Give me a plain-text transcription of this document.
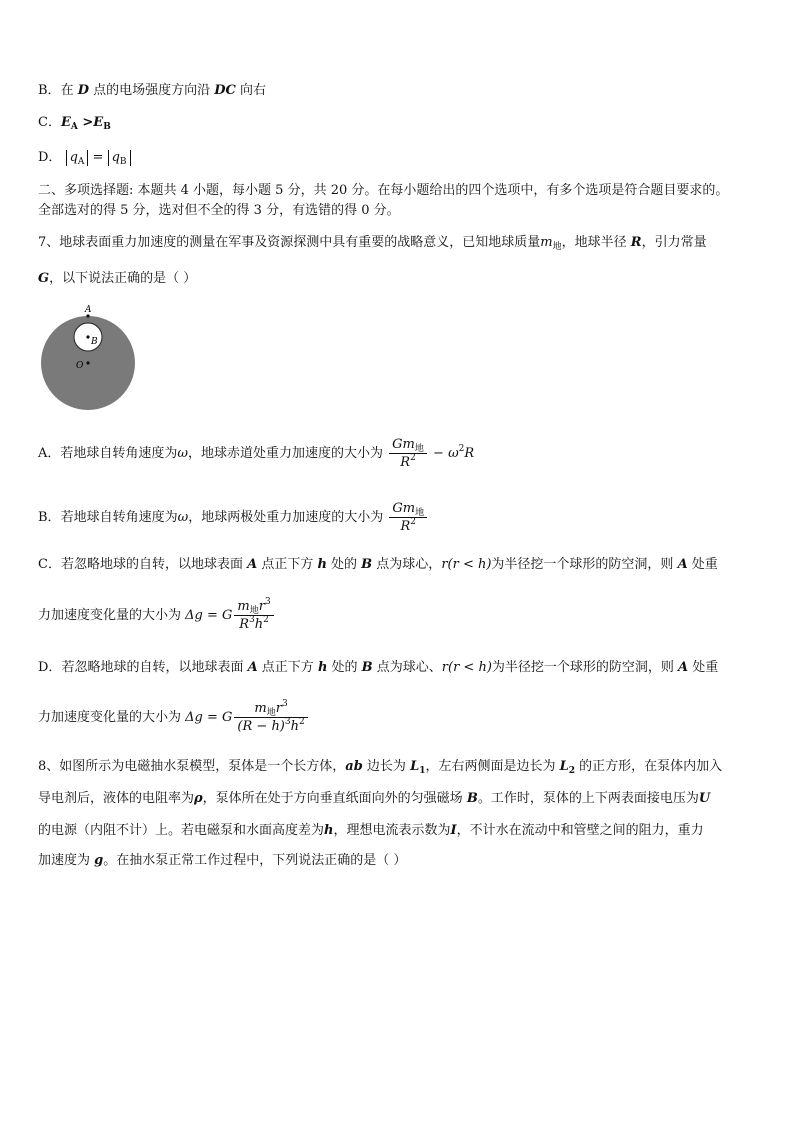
B．在 D 点的电场强度方向沿 DC 向右
C．$E_A >E_B$
D． $q_A = q_B$
二、多项选择题: 本题共 4 小题，每小题 5 分，共 20 分。在每小题给出的四个选项中，有多个选项是符合题目要求的。
全部选对的得 5 分，选对但不全的得 3 分，有选错的得 0 分。
7、地球表面重力加速度的测量在军事及资源探测中具有重要的战略意义，已知地球质量$m_地$，地球半径 R，引力常量
G，以下说法正确的是（ ）
A
B
O
A．若地球自转角速度为ω，地球赤道处重力加速度的大小为 $\frac{Gm_地}{R^2} - \omega^2R$
B．若地球自转角速度为ω，地球两极处重力加速度的大小为 $\frac{Gm_地}{R^2}$
C．若忽略地球的自转，以地球表面 A 点正下方 h 处的 B 点为球心，r(r < h)为半径挖一个球形的防空洞，则 A 处重
力加速度变化量的大小为 Δg = G $\frac{m_地r^3}{R^3h^2}$
D．若忽略地球的自转，以地球表面 A 点正下方 h 处的 B 点为球心、r(r < h)为半径挖一个球形的防空洞，则 A 处重
力加速度变化量的大小为 Δg = G $\frac{m_地r^3}{(R - h)^3h^2}$
8、如图所示为电磁抽水泵模型，泵体是一个长方体，ab 边长为 $L_1$，左右两侧面是边长为 $L_2$ 的正方形，在泵体内加入
导电剂后，液体的电阻率为ρ，泵体所在处于方向垂直纸面向外的匀强磁场 B。工作时，泵体的上下两表面接电压为U
的电源（内阻不计）上。若电磁泵和水面高度差为h，理想电流表示数为I，不计水在流动中和管壁之间的阻力，重力
加速度为 g。在抽水泵正常工作过程中，下列说法正确的是（ ）
